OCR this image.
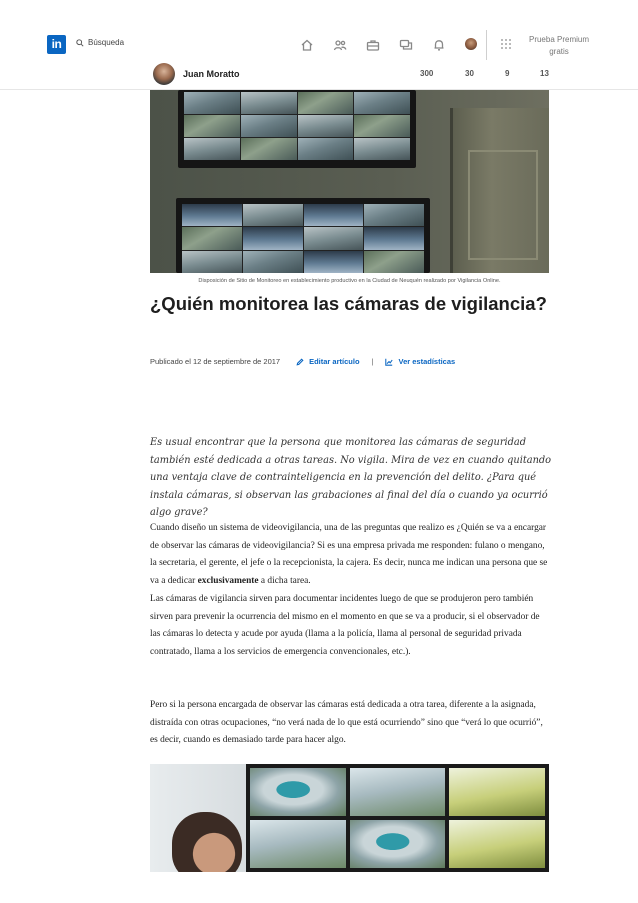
in	Búsqueda	Prueba Premium
gratis
Juan Moratto	300	30	9	13
Disposición de Sitio de Monitoreo en establecimiento productivo en la Ciudad de Neuquén realizado por Vigilancia Online.
¿Quién monitorea las cámaras de vigilancia?
Publicado el 12 de septiembre de 2017	Editar artículo |	Ver estadísticas

Es usual encontrar que la persona que monitorea las cámaras de seguridad también esté dedicada a otras tareas. No vigila. Mira de vez en cuando quitando una ventaja clave de contrainteligencia en la prevención del delito. ¿Para qué instala cámaras, si observan las grabaciones al final del día o cuando ya ocurrió algo grave?

Cuando diseño un sistema de videovigilancia, una de las preguntas que realizo es ¿Quién se va a encargar de observar las cámaras de videovigilancia? Si es una empresa privada me responden: fulano o mengano, la secretaria, el gerente, el jefe o la recepcionista, la cajera. Es decir, nunca me indican una persona que se va a dedicar exclusivamente a dicha tarea.

Las cámaras de vigilancia sirven para documentar incidentes luego de que se produjeron pero también sirven para prevenir la ocurrencia del mismo en el momento en que se va a producir, si el observador de las cámaras lo detecta y acude por ayuda (llama a la policía, llama al personal de seguridad privada contratado, llama a los servicios de emergencia convencionales, etc.).

Pero si la persona encargada de observar las cámaras está dedicada a otra tarea, diferente a la asignada, distraída con otras ocupaciones, “no verá nada de lo que está ocurriendo” sino que “verá lo que ocurrió”, es decir, cuando es demasiado tarde para hacer algo.
